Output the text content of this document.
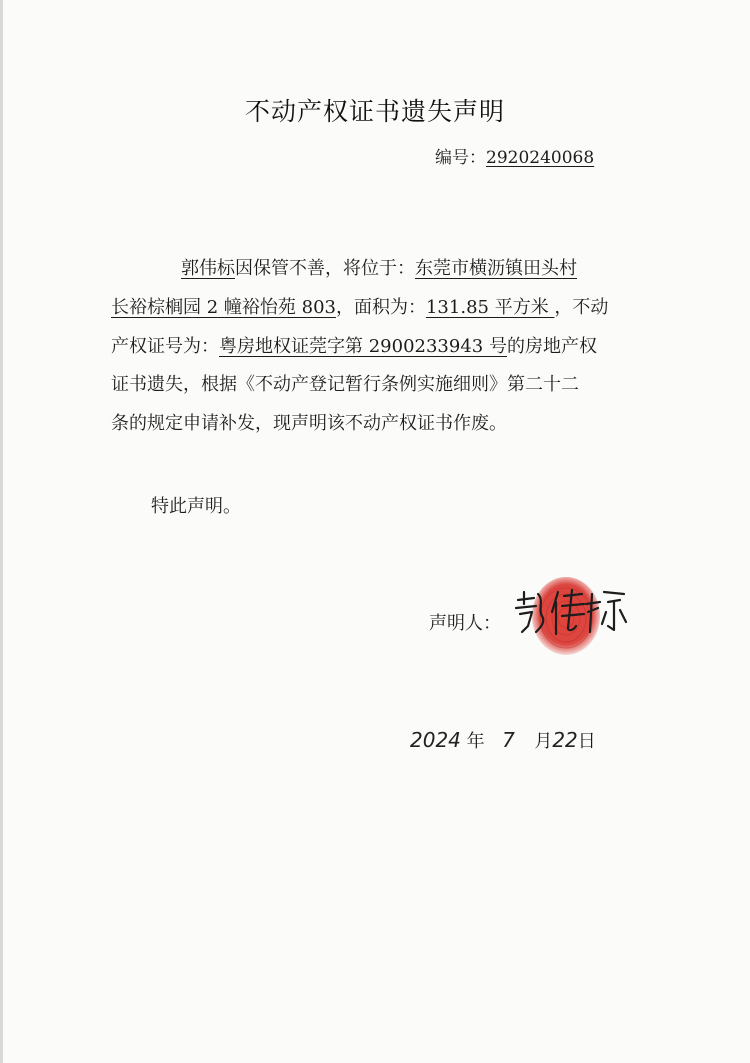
不动产权证书遗失声明
编号：2920240068
郭伟标因保管不善，将位于：东莞市横沥镇田头村
长裕棕榈园 2 幢裕怡苑 803，面积为：131.85 平方米 ，不动
产权证号为：粤房地权证莞字第 2900233943 号的房地产权
证书遗失，根据《不动产登记暂行条例实施细则》第二十二
条的规定申请补发，现声明该不动产权证书作废。
特此声明。
声明人：
2024 年 7 月22日
